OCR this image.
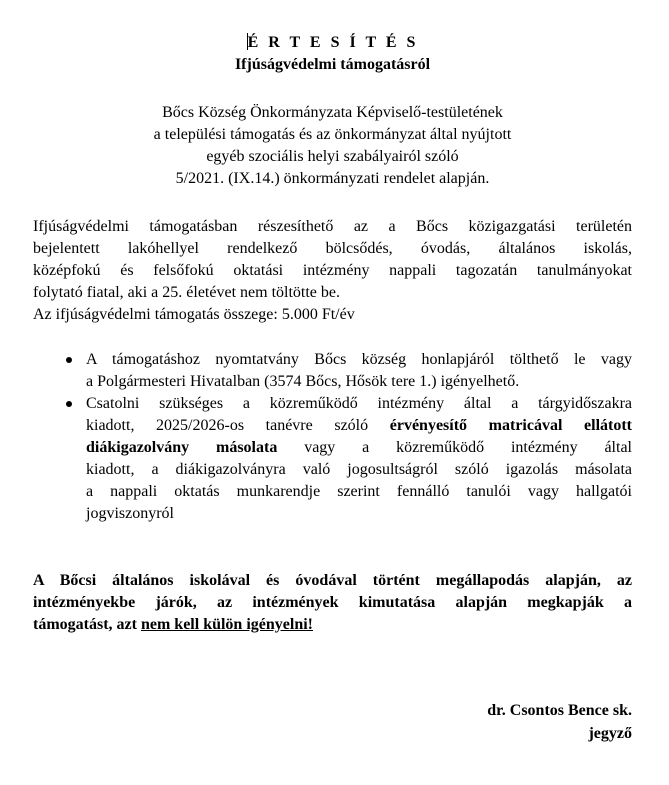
É R T E S Í T É S
Ifjúságvédelmi támogatásról
Bőcs Község Önkormányzata Képviselő-testületének
a települési támogatás és az önkormányzat által nyújtott
egyéb szociális helyi szabályairól szóló
5/2021. (IX.14.) önkormányzati rendelet alapján.
Ifjúságvédelmi támogatásban részesíthető az a Bőcs közigazgatási területén
bejelentett lakóhellyel rendelkező bölcsődés, óvodás, általános iskolás,
középfokú és felsőfokú oktatási intézmény nappali tagozatán tanulmányokat
folytató fiatal, aki a 25. életévet nem töltötte be.
Az ifjúságvédelmi támogatás összege: 5.000 Ft/év
A támogatáshoz nyomtatvány Bőcs község honlapjáról tölthető le vagy
a Polgármesteri Hivatalban (3574 Bőcs, Hősök tere 1.) igényelhető.
Csatolni szükséges a közreműködő intézmény által a tárgyidőszakra
kiadott, 2025/2026-os tanévre szóló érvényesítő matricával ellátott
diákigazolvány másolata vagy a közreműködő intézmény által
kiadott, a diákigazolványra való jogosultságról szóló igazolás másolata
a nappali oktatás munkarendje szerint fennálló tanulói vagy hallgatói
jogviszonyról
A Bőcsi általános iskolával és óvodával történt megállapodás alapján, az
intézményekbe járók, az intézmények kimutatása alapján megkapják a
támogatást, azt nem kell külön igényelni!
dr. Csontos Bence sk.
jegyző
